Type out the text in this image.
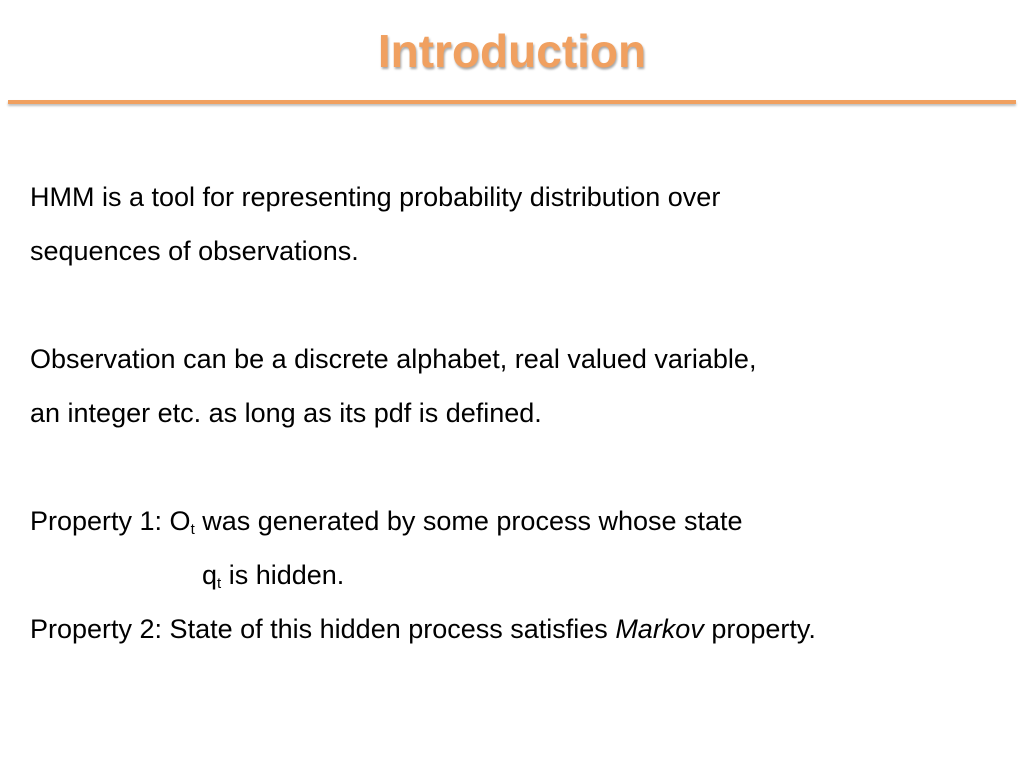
Introduction
HMM is a tool for representing probability distribution over
sequences of observations.
Observation can be a discrete alphabet, real valued variable,
an integer etc. as long as its pdf is defined.
Property 1: $O_t$ was generated by some process whose state
$q_t$ is hidden.
Property 2: State of this hidden process satisfies Markov property.
